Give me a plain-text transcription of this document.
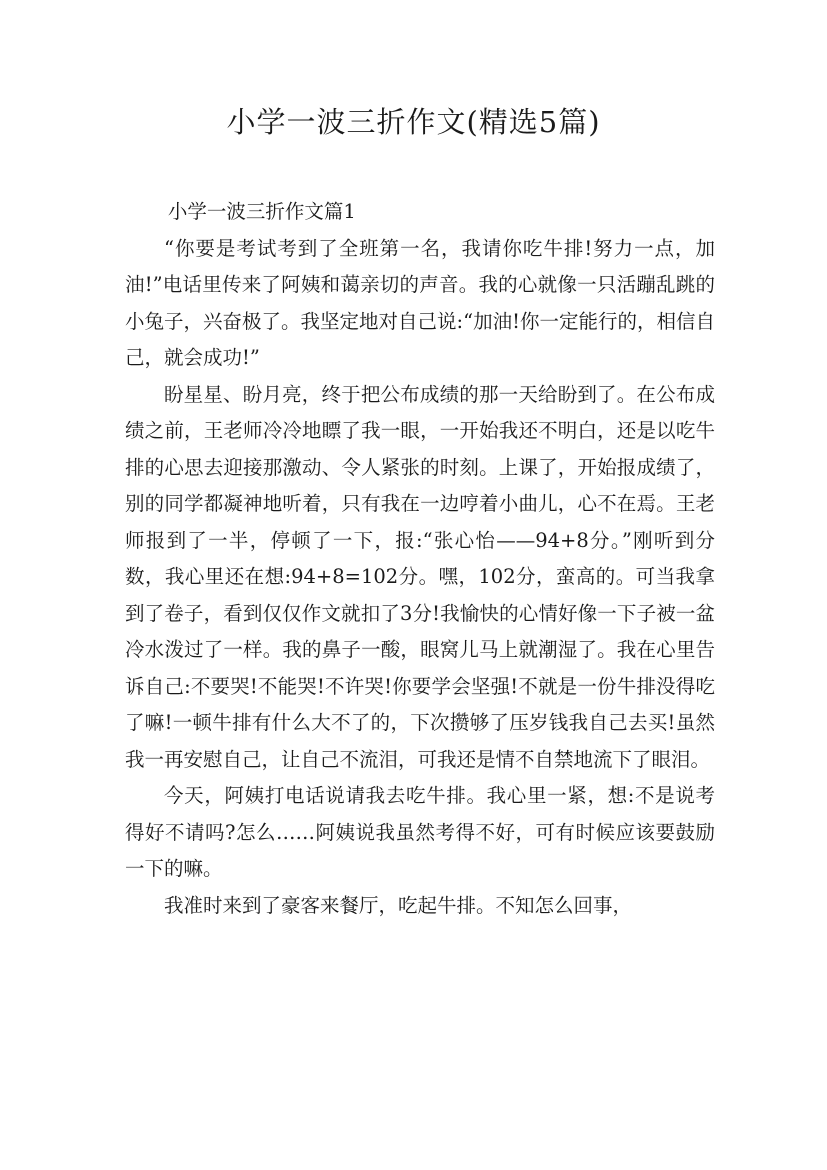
小学一波三折作文(精选5篇)
小学一波三折作文篇1

“你要是考试考到了全班第一名，我请你吃牛排!努力一点，加油!”电话里传来了阿姨和蔼亲切的声音。我的心就像一只活蹦乱跳的小兔子，兴奋极了。我坚定地对自己说:“加油!你一定能行的，相信自己，就会成功!”

盼星星、盼月亮，终于把公布成绩的那一天给盼到了。在公布成绩之前，王老师冷冷地瞟了我一眼，一开始我还不明白，还是以吃牛排的心思去迎接那激动、令人紧张的时刻。上课了，开始报成绩了，别的同学都凝神地听着，只有我在一边哼着小曲儿，心不在焉。王老师报到了一半，停顿了一下，报:“张心怡——94+8分。”刚听到分数，我心里还在想:94+8=102分。嘿，102分，蛮高的。可当我拿到了卷子，看到仅仅作文就扣了3分!我愉快的心情好像一下子被一盆冷水泼过了一样。我的鼻子一酸，眼窝儿马上就潮湿了。我在心里告诉自己:不要哭!不能哭!不许哭!你要学会坚强!不就是一份牛排没得吃了嘛!一顿牛排有什么大不了的，下次攒够了压岁钱我自己去买!虽然我一再安慰自己，让自己不流泪，可我还是情不自禁地流下了眼泪。

今天，阿姨打电话说请我去吃牛排。我心里一紧，想:不是说考得好不请吗?怎么……阿姨说我虽然考得不好，可有时候应该要鼓励一下的嘛。

我准时来到了豪客来餐厅，吃起牛排。不知怎么回事，
